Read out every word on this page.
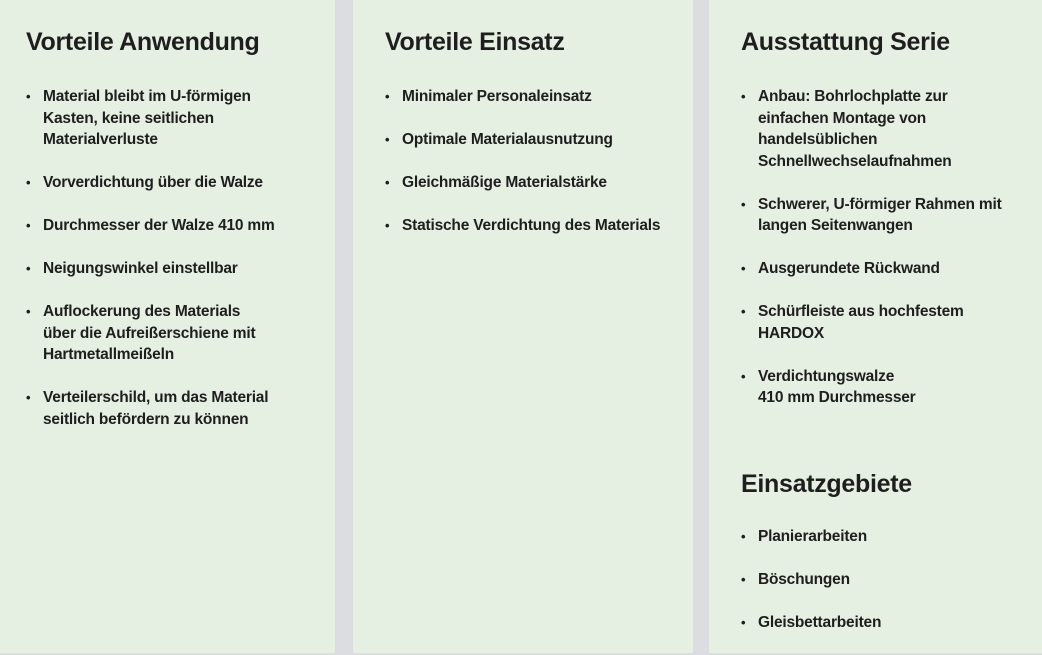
Vorteile Anwendung
• Material bleibt im U-förmigen
Kasten, keine seitlichen
Materialverluste
• Vorverdichtung über die Walze
• Durchmesser der Walze 410 mm
• Neigungswinkel einstellbar
• Auflockerung des Materials
über die Aufreißerschiene mit
Hartmetallmeißeln
• Verteilerschild, um das Material
seitlich befördern zu können
Vorteile Einsatz
• Minimaler Personaleinsatz
• Optimale Materialausnutzung
• Gleichmäßige Materialstärke
• Statische Verdichtung des Materials
Ausstattung Serie
• Anbau: Bohrlochplatte zur
einfachen Montage von
handelsüblichen
Schnellwechselaufnahmen
• Schwerer, U-förmiger Rahmen mit
langen Seitenwangen
• Ausgerundete Rückwand
• Schürfleiste aus hochfestem
HARDOX
• Verdichtungswalze
410 mm Durchmesser
Einsatzgebiete
• Planierarbeiten
• Böschungen
• Gleisbettarbeiten
